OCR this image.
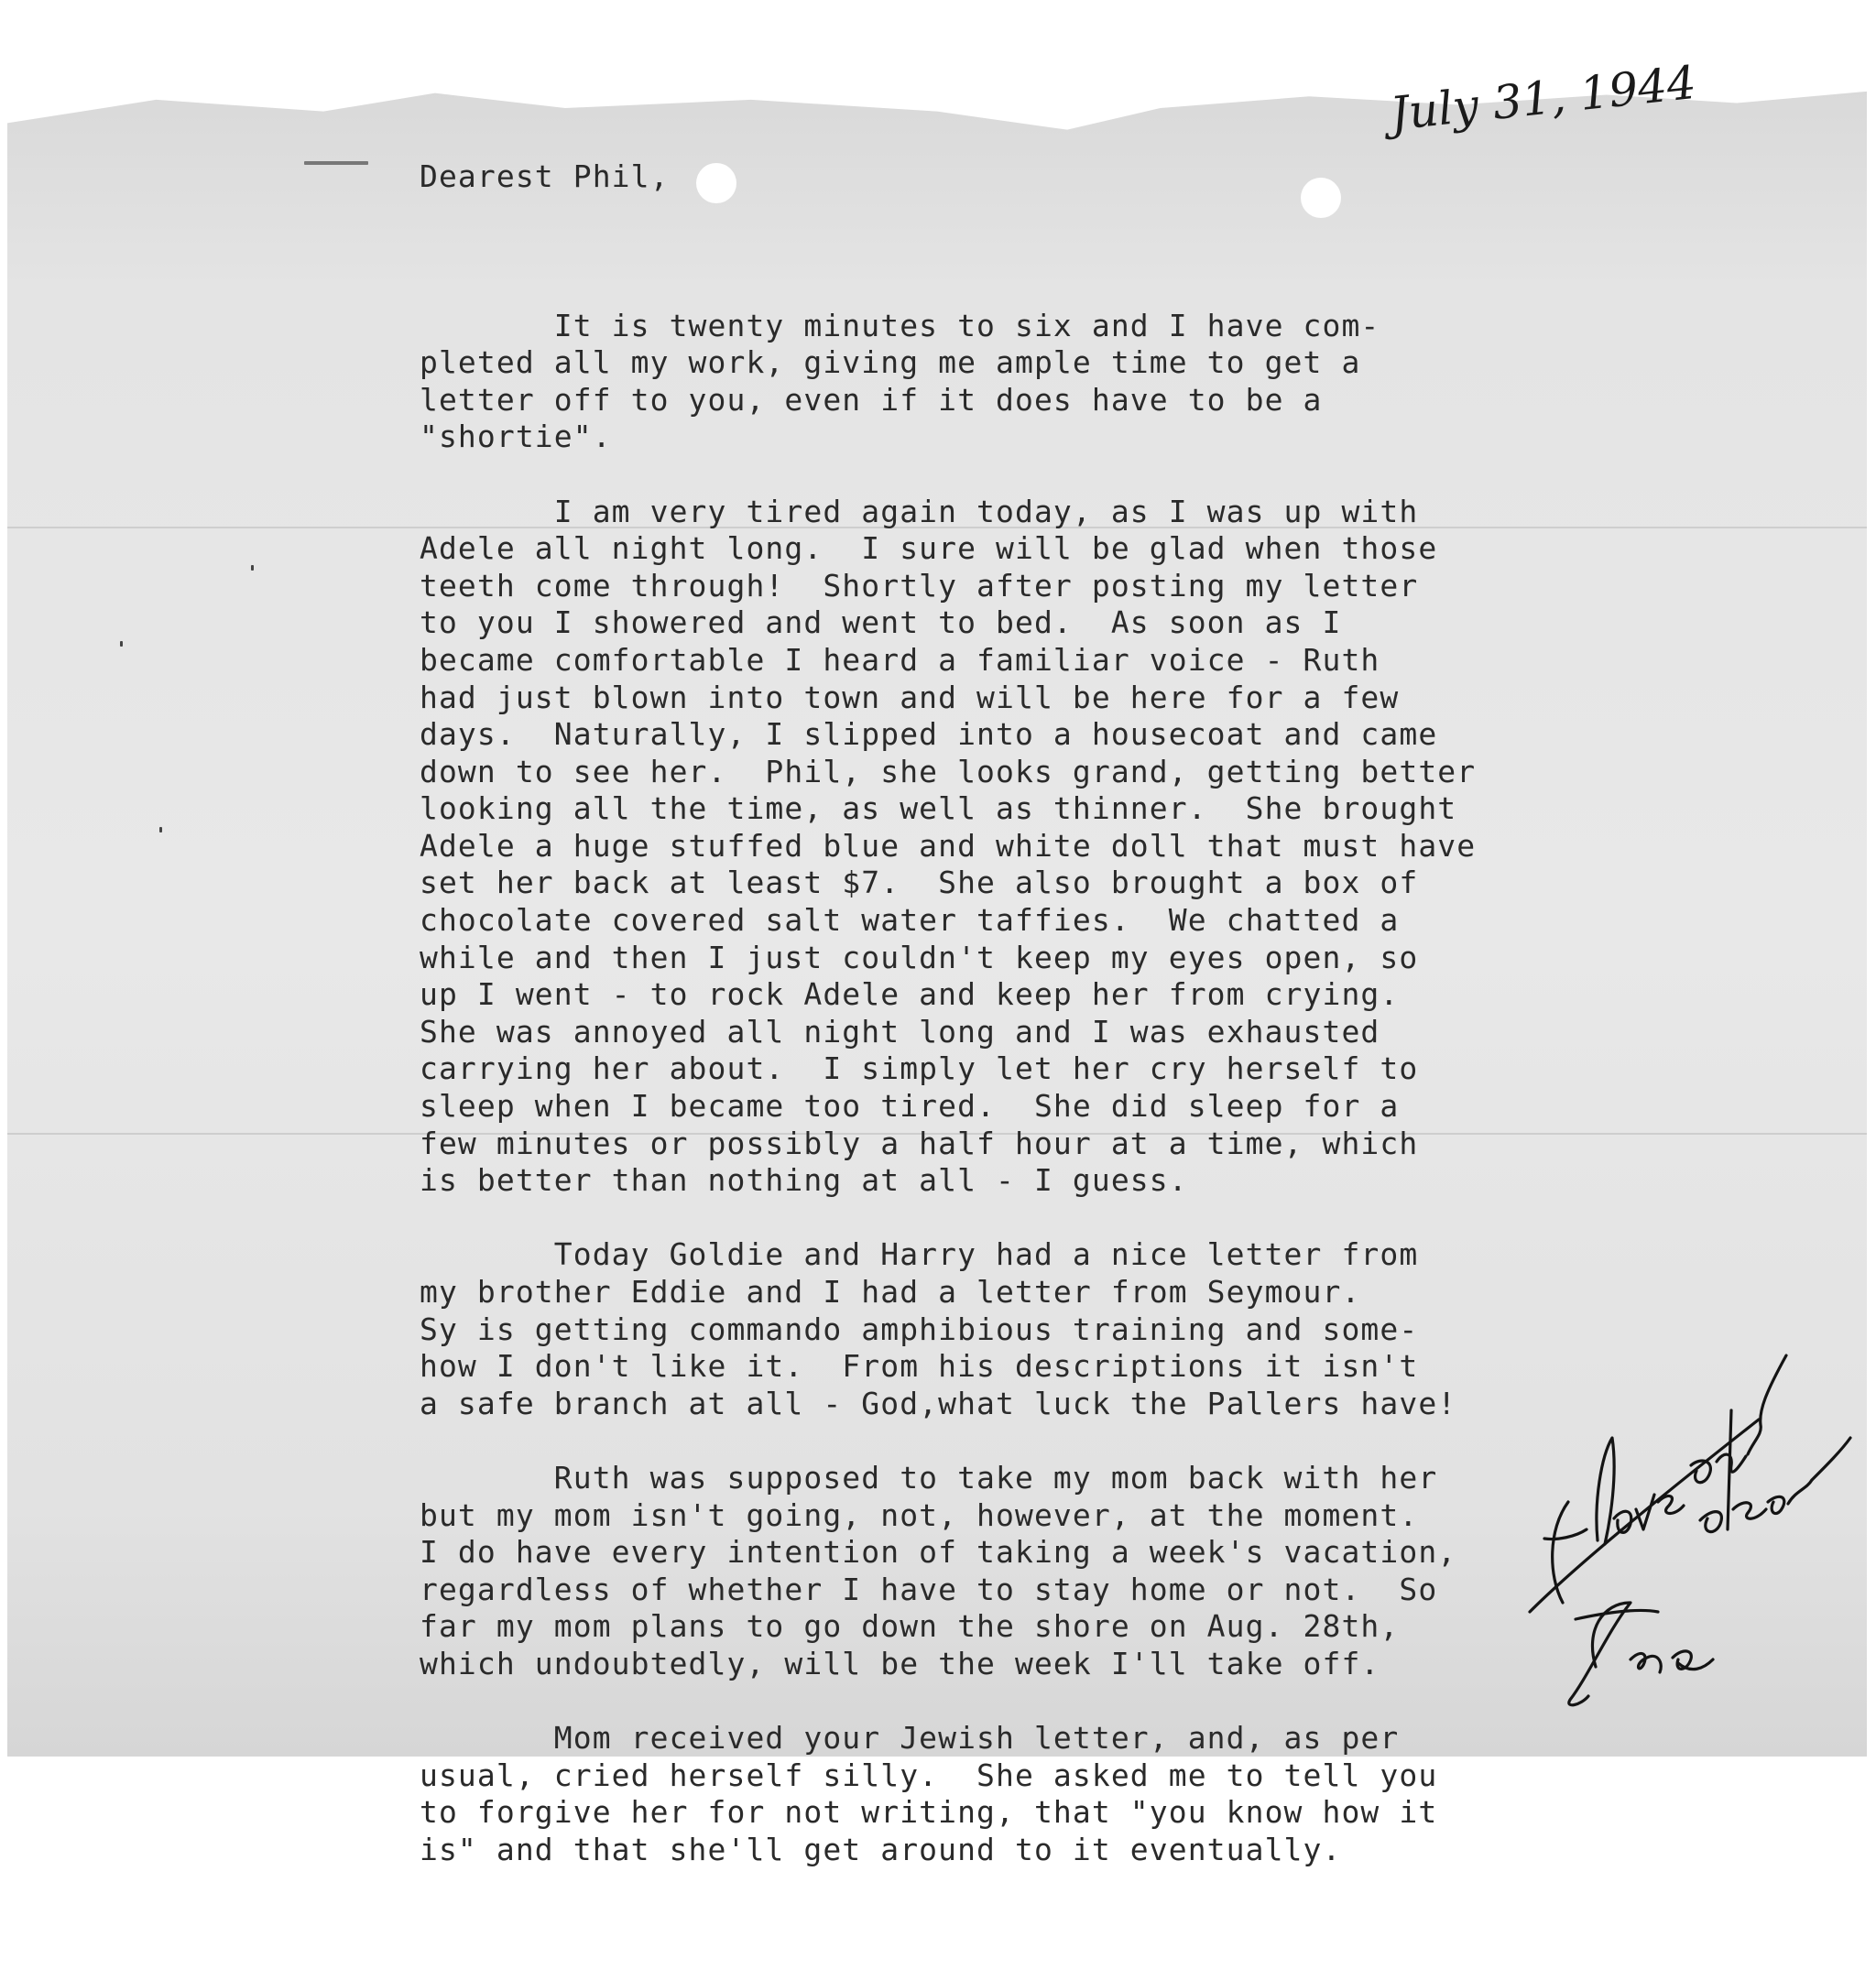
July 31, 1944

Dearest Phil,

It is twenty minutes to six and I have com-
pleted all my work, giving me ample time to get a
letter off to you, even if it does have to be a
"shortie".
I am very tired again today, as I was up with
Adele all night long.  I sure will be glad when those
teeth come through!  Shortly after posting my letter
to you I showered and went to bed.  As soon as I
became comfortable I heard a familiar voice - Ruth
had just blown into town and will be here for a few
days.  Naturally, I slipped into a housecoat and came
down to see her.  Phil, she looks grand, getting better
looking all the time, as well as thinner.  She brought
Adele a huge stuffed blue and white doll that must have
set her back at least $7.  She also brought a box of
chocolate covered salt water taffies.  We chatted a
while and then I just couldn't keep my eyes open, so
up I went - to rock Adele and keep her from crying.
She was annoyed all night long and I was exhausted
carrying her about.  I simply let her cry herself to
sleep when I became too tired.  She did sleep for a
few minutes or possibly a half hour at a time, which
is better than nothing at all - I guess.
Today Goldie and Harry had a nice letter from
my brother Eddie and I had a letter from Seymour.
Sy is getting commando amphibious training and some-
how I don't like it.  From his descriptions it isn't
a safe branch at all - God,what luck the Pallers have!
Ruth was supposed to take my mom back with her
but my mom isn't going, not, however, at the moment.
I do have every intention of taking a week's vacation,
regardless of whether I have to stay home or not.  So
far my mom plans to go down the shore on Aug. 28th,
which undoubtedly, will be the week I'll take off.
Mom received your Jewish letter, and, as per
usual, cried herself silly.  She asked me to tell you
to forgive her for not writing, that "you know how it
is" and that she'll get around to it eventually.
